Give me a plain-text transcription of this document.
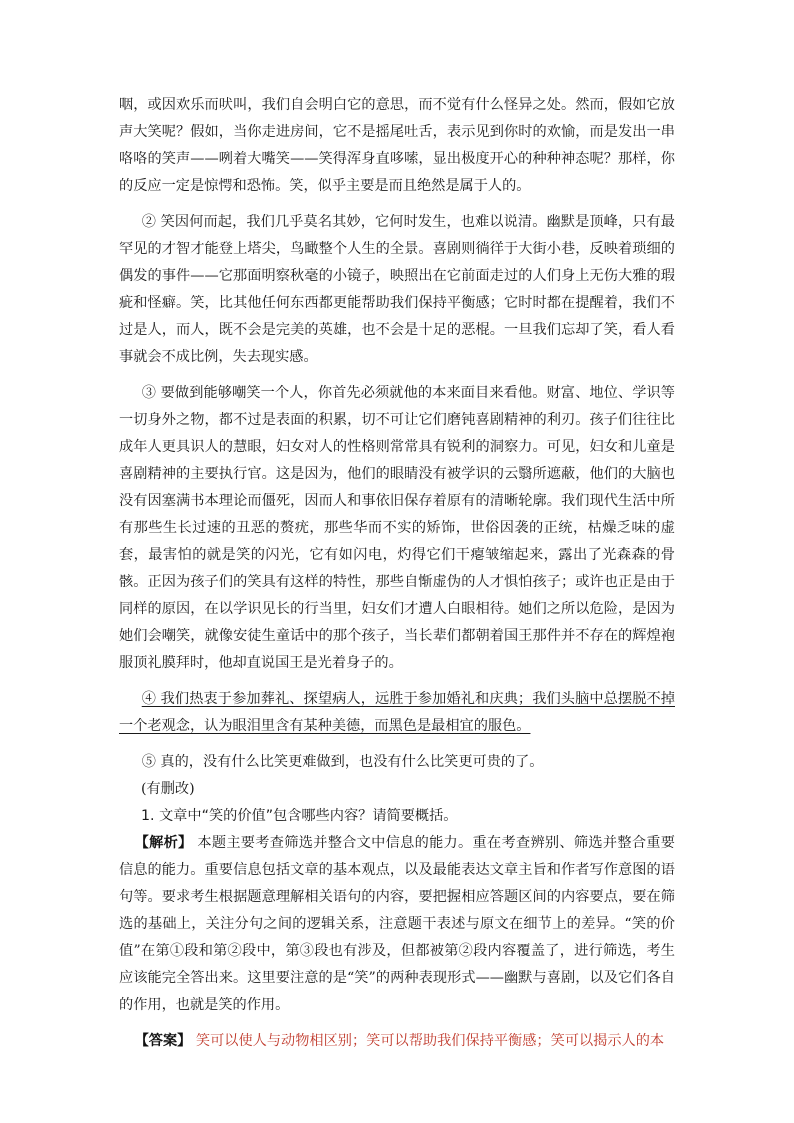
咽，或因欢乐而吠叫，我们自会明白它的意思，而不觉有什么怪异之处。然而，假如它放声大笑呢？假如，当你走进房间，它不是摇尾吐舌，表示见到你时的欢愉，而是发出一串咯咯的笑声——咧着大嘴笑——笑得浑身直哆嗦，显出极度开心的种种神态呢？那样，你的反应一定是惊愕和恐怖。笑，似乎主要是而且绝然是属于人的。

② 笑因何而起，我们几乎莫名其妙，它何时发生，也难以说清。幽默是顶峰，只有最罕见的才智才能登上塔尖，鸟瞰整个人生的全景。喜剧则徜徉于大街小巷，反映着琐细的偶发的事件——它那面明察秋毫的小镜子，映照出在它前面走过的人们身上无伤大雅的瑕疵和怪癖。笑，比其他任何东西都更能帮助我们保持平衡感；它时时都在提醒着，我们不过是人，而人，既不会是完美的英雄，也不会是十足的恶棍。一旦我们忘却了笑，看人看事就会不成比例，失去现实感。

③ 要做到能够嘲笑一个人，你首先必须就他的本来面目来看他。财富、地位、学识等一切身外之物，都不过是表面的积累，切不可让它们磨钝喜剧精神的利刃。孩子们往往比成年人更具识人的慧眼，妇女对人的性格则常常具有锐利的洞察力。可见，妇女和儿童是喜剧精神的主要执行官。这是因为，他们的眼睛没有被学识的云翳所遮蔽，他们的大脑也没有因塞满书本理论而僵死，因而人和事依旧保存着原有的清晰轮廓。我们现代生活中所有那些生长过速的丑恶的赘疣，那些华而不实的矫饰，世俗因袭的正统，枯燥乏味的虚套，最害怕的就是笑的闪光，它有如闪电，灼得它们干瘪皱缩起来，露出了光森森的骨骸。正因为孩子们的笑具有这样的特性，那些自惭虚伪的人才惧怕孩子；或许也正是由于同样的原因，在以学识见长的行当里，妇女们才遭人白眼相待。她们之所以危险，是因为她们会嘲笑，就像安徒生童话中的那个孩子，当长辈们都朝着国王那件并不存在的辉煌袍服顶礼膜拜时，他却直说国王是光着身子的。

④ 我们热衷于参加葬礼、探望病人，远胜于参加婚礼和庆典；我们头脑中总摆脱不掉一个老观念，认为眼泪里含有某种美德，而黑色是最相宜的服色。

⑤ 真的，没有什么比笑更难做到，也没有什么比笑更可贵的了。

(有删改)

1. 文章中“笑的价值”包含哪些内容？请简要概括。

【解析】 本题主要考查筛选并整合文中信息的能力。重在考查辨别、筛选并整合重要信息的能力。重要信息包括文章的基本观点，以及最能表达文章主旨和作者写作意图的语句等。要求考生根据题意理解相关语句的内容，要把握相应答题区间的内容要点，要在筛选的基础上，关注分句之间的逻辑关系，注意题干表述与原文在细节上的差异。“笑的价值”在第①段和第②段中，第③段也有涉及，但都被第②段内容覆盖了，进行筛选，考生应该能完全答出来。这里要注意的是“笑”的两种表现形式——幽默与喜剧，以及它们各自的作用，也就是笑的作用。

【答案】 笑可以使人与动物相区别；笑可以帮助我们保持平衡感；笑可以揭示人的本
